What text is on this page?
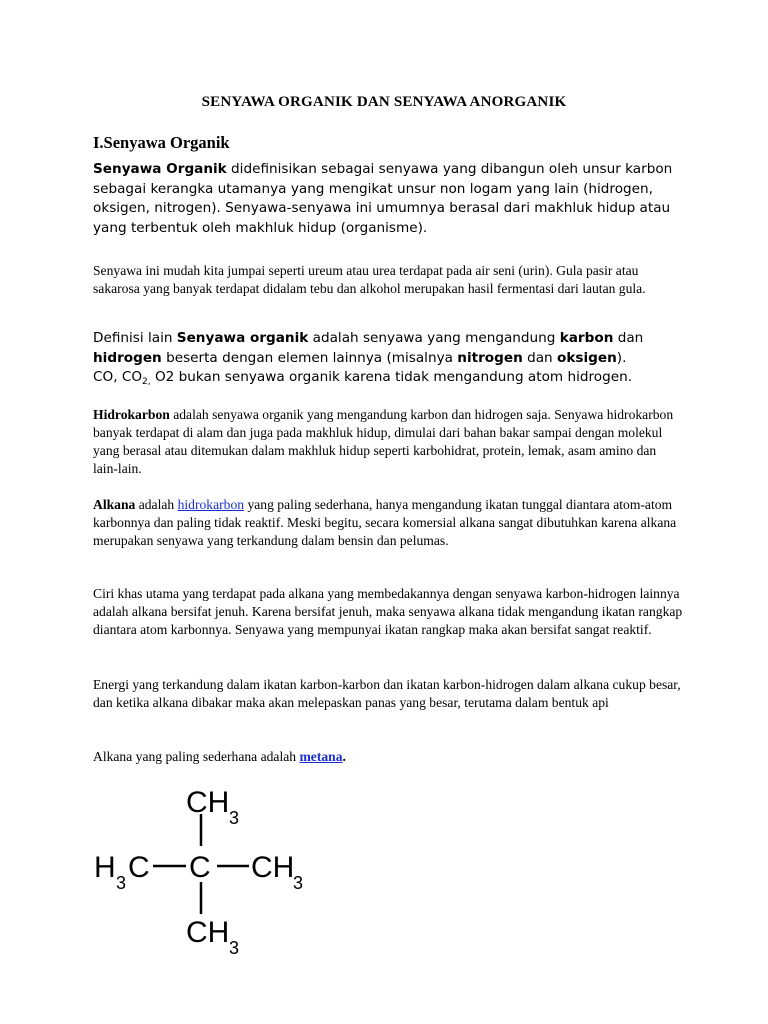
SENYAWA ORGANIK DAN SENYAWA ANORGANIK
I.Senyawa Organik

Senyawa Organik didefinisikan sebagai senyawa yang dibangun oleh unsur karbon sebagai kerangka utamanya yang mengikat unsur non logam yang lain (hidrogen, oksigen, nitrogen). Senyawa-senyawa ini umumnya berasal dari makhluk hidup atau yang terbentuk oleh makhluk hidup (organisme).

Senyawa ini mudah kita jumpai seperti ureum atau urea terdapat pada air seni (urin). Gula pasir atau sakarosa yang banyak terdapat didalam tebu dan alkohol merupakan hasil fermentasi dari lautan gula.

Definisi lain Senyawa organik adalah senyawa yang mengandung karbon dan hidrogen beserta dengan elemen lainnya (misalnya nitrogen dan oksigen).
CO, $CO_{2,}$ O2 bukan senyawa organik karena tidak mengandung atom hidrogen.

Hidrokarbon adalah senyawa organik yang mengandung karbon dan hidrogen saja. Senyawa hidrokarbon banyak terdapat di alam dan juga pada makhluk hidup, dimulai dari bahan bakar sampai dengan molekul yang berasal atau ditemukan dalam makhluk hidup seperti karbohidrat, protein, lemak, asam amino dan lain-lain.

Alkana adalah hidrokarbon yang paling sederhana, hanya mengandung ikatan tunggal diantara atom-atom karbonnya dan paling tidak reaktif. Meski begitu, secara komersial alkana sangat dibutuhkan karena alkana merupakan senyawa yang terkandung dalam bensin dan pelumas.

Ciri khas utama yang terdapat pada alkana yang membedakannya dengan senyawa karbon-hidrogen lainnya adalah alkana bersifat jenuh. Karena bersifat jenuh, maka senyawa alkana tidak mengandung ikatan rangkap diantara atom karbonnya. Senyawa yang mempunyai ikatan rangkap maka akan bersifat sangat reaktif.

Energi yang terkandung dalam ikatan karbon-karbon dan ikatan karbon-hidrogen dalam alkana cukup besar, dan ketika alkana dibakar maka akan melepaskan panas yang besar, terutama dalam bentuk api

Alkana yang paling sederhana adalah metana.

CH 3
H 3 C C CH
3
CH 3
